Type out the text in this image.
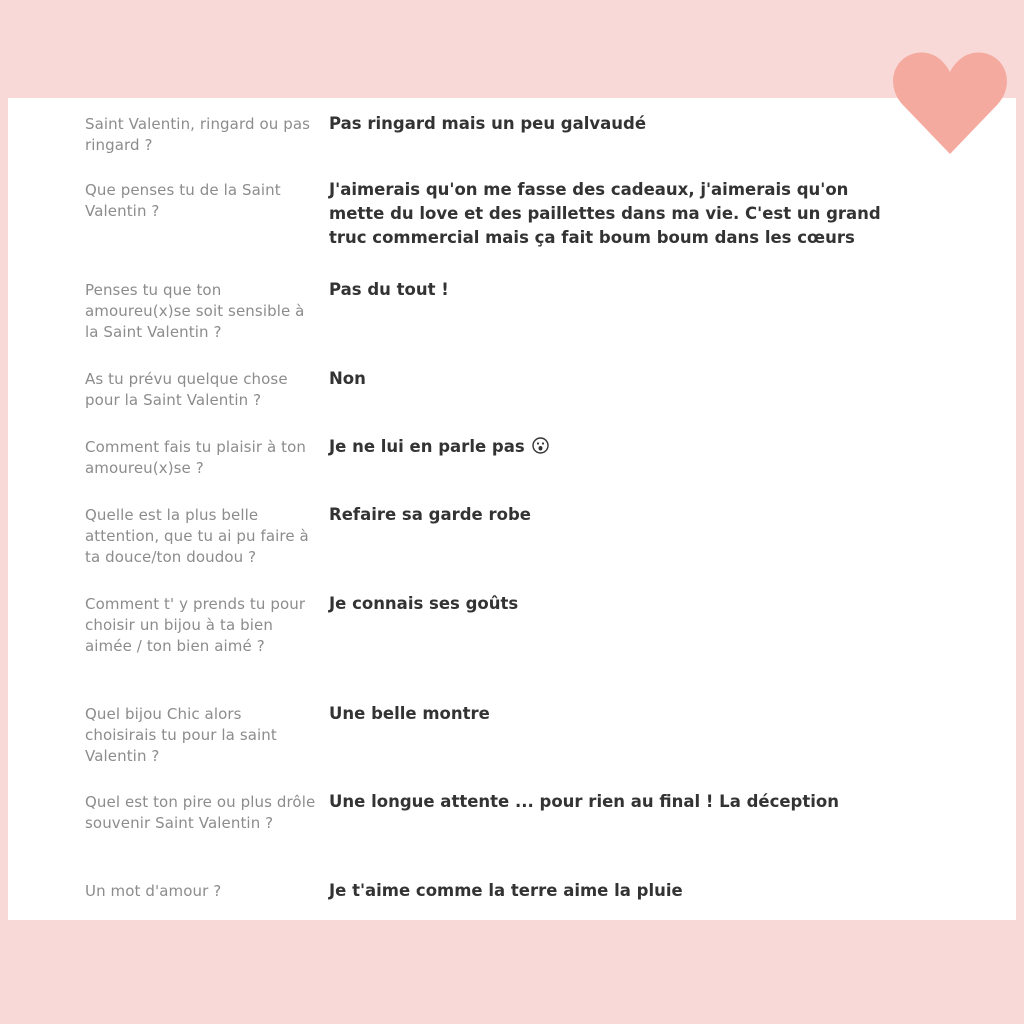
Saint Valentin, ringard ou pas ringard ?
Pas ringard mais un peu galvaudé
Que penses tu de la Saint Valentin ?
J'aimerais qu'on me fasse des cadeaux, j'aimerais qu'on mette du love et des paillettes dans ma vie. C'est un grand truc commercial mais ça fait boum boum dans les cœurs
Penses tu que ton amoureu(x)se soit sensible à la Saint Valentin ?
Pas du tout !
As tu prévu quelque chose pour la Saint Valentin ?
Non
Comment fais tu plaisir à ton amoureu(x)se ?
Je ne lui en parle pas
Quelle est la plus belle attention, que tu ai pu faire à ta douce/ton doudou ?
Refaire sa garde robe
Comment t' y prends tu pour choisir un bijou à ta bien aimée / ton bien aimé ?
Je connais ses goûts
Quel bijou Chic alors choisirais tu pour la saint Valentin ?
Une belle montre
Quel est ton pire ou plus drôle souvenir Saint Valentin ?
Une longue attente ... pour rien au final ! La déception
Un mot d'amour ?	Je t'aime comme la terre aime la pluie
